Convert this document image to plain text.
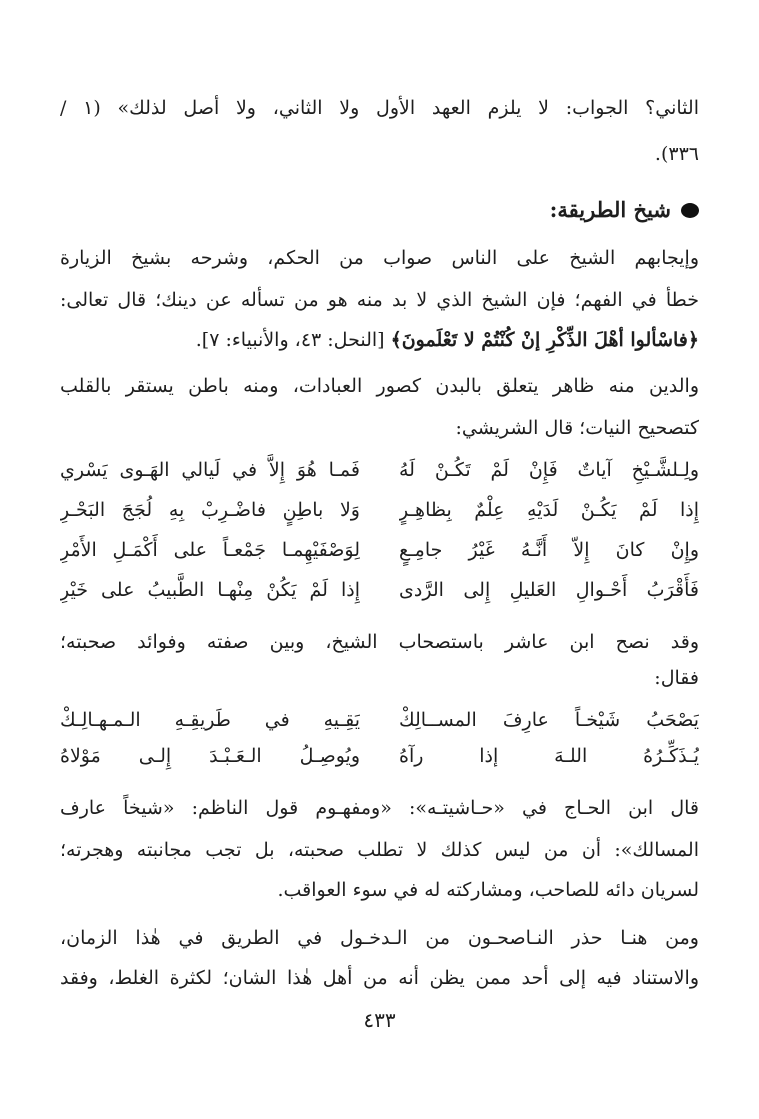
الثاني؟ الجواب: لا يلزم العهد الأول ولا الثاني، ولا أصل لذلك» (١ /
٣٣٦).
شيخ الطريقة:
وإيجابهم الشيخ على الناس صواب من الحكم، وشرحه بشيخ الزيارة
خطأ في الفهم؛ فإن الشيخ الذي لا بد منه هو من تسأله عن دينك؛ قال تعالى:
﴿فاسْألوا أهْلَ الذِّكْرِ إنْ كُنْتُمْ لا تَعْلَمونَ﴾ [النحل: ٤٣، والأنبياء: ٧].
والدين منه ظاهر يتعلق بالبدن كصور العبادات، ومنه باطن يستقر بالقلب
كتصحيح النيات؛ قال الشريشي:
ولِـلشَّـيْخِ آياتٌ فَإِنْ لَمْ تَكُـنْ لَهُ
فَمـا هُوَ إِلاَّ في لَيالي الهَـوى يَسْري
إِذا لَمْ يَكُـنْ لَدَيْهِ عِلْمٌ بِظاهِـرٍ
وَلا باطِنٍ فاضْـرِبْ بِهِ لُجَجَ البَحْـرِ
وإِنْ كانَ إِلاّ أَنَّـهُ غَيْرُ جامِـعٍ
لِوَصْفَيْهِمـا جَمْعـاً على أَكْمَـلِ الأَمْرِ
فَأَقْرَبُ أَحْـوالِ العَليلِ إِلى الرَّدى
إِذا لَمْ يَكُنْ مِنْهـا الطَّبيبُ على خَيْرِ
وقد نصح ابن عاشر باستصحاب الشيخ، وبين صفته وفوائد صحبته؛
فقال:
يَصْحَبُ شَيْخـاً عارِفَ المســالِكْ
يَقِـيهِ في طَريقِـهِ الـمـهـالِـكْ
يُـذَكِّـرُهُ اللـهَ إذا رآهُ
ويُوصِـلُ الـعَـبْـدَ إِلـى مَوْلاهُ
قال ابن الحـاج في «حـاشيتـه»: «ومفهـوم قول الناظم: «شيخاً عارف
المسالك»: أن من ليس كذلك لا تطلب صحبته، بل تجب مجانبته وهجرته؛
لسريان دائه للصاحب، ومشاركته له في سوء العواقب.
ومن هنـا حذر النـاصحـون من الـدخـول في الطريق في هٰذا الزمان،
والاستناد فيه إلى أحد ممن يظن أنه من أهل هٰذا الشان؛ لكثرة الغلط، وفقد
٤٣٣
